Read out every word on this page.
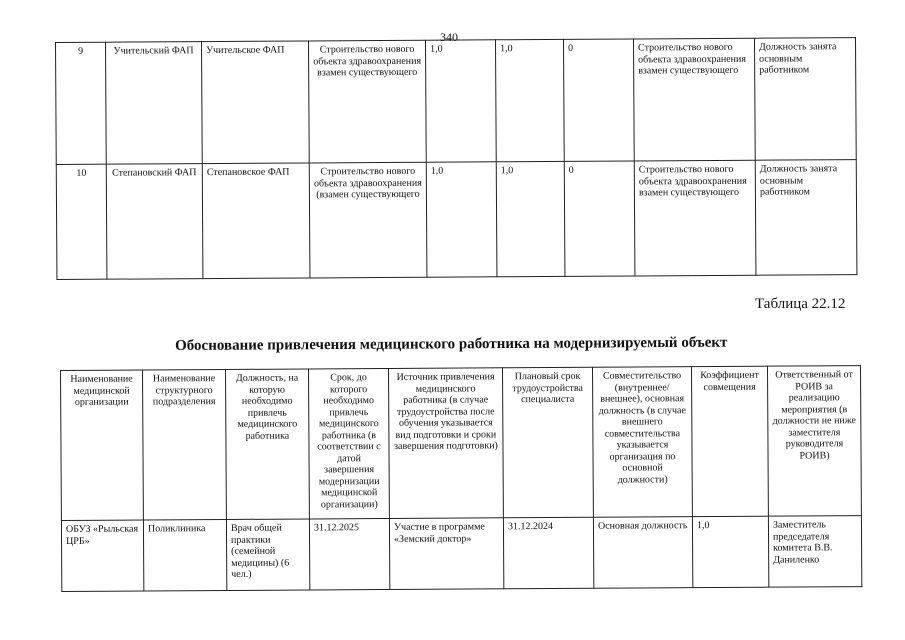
340
9	Учительский ФАП	Учительское ФАП	Строительство нового объекта здравоохранения взамен существующего	1,0	1,0	0	Строительство нового объекта здравоохранения взамен существующего	Должность занята основным работником
10	Степановский ФАП	Степановское ФАП	Строительство нового объекта здравоохранения (взамен существующего	1,0	1,0	0	Строительство нового объекта здравоохранения взамен существующего	Должность занята основным работником
Таблица 22.12
Обоснование привлечения медицинского работника на модернизируемый объект
Наименование медицинской организации	Наименование структурного подразделения	Должность, на которую необходимо привлечь медицинского работника	Срок, до которого необходимо привлечь медицинского работника (в соответствии с датой завершения модернизации медицинской организации)	Источник привлечения медицинского работника (в случае трудоустройства после обучения указывается вид подготовки и сроки завершения подготовки)	Плановый срок трудоустройства специалиста	Совместительство (внутреннее/ внешнее), основная должность (в случае внешнего совместительства указывается организация по основной должности)	Коэффициент совмещения	Ответственный от РОИВ за реализацию мероприятия (в должности не ниже заместителя руководителя РОИВ)
ОБУЗ «Рыльская ЦРБ»	Поликлиника	Врач общей практики (семейной медицины) (6 чел.)	31.12.2025	Участие в программе «Земский доктор»	31.12.2024	Основная должность	1,0	Заместитель председателя комитета В.В. Даниленко
